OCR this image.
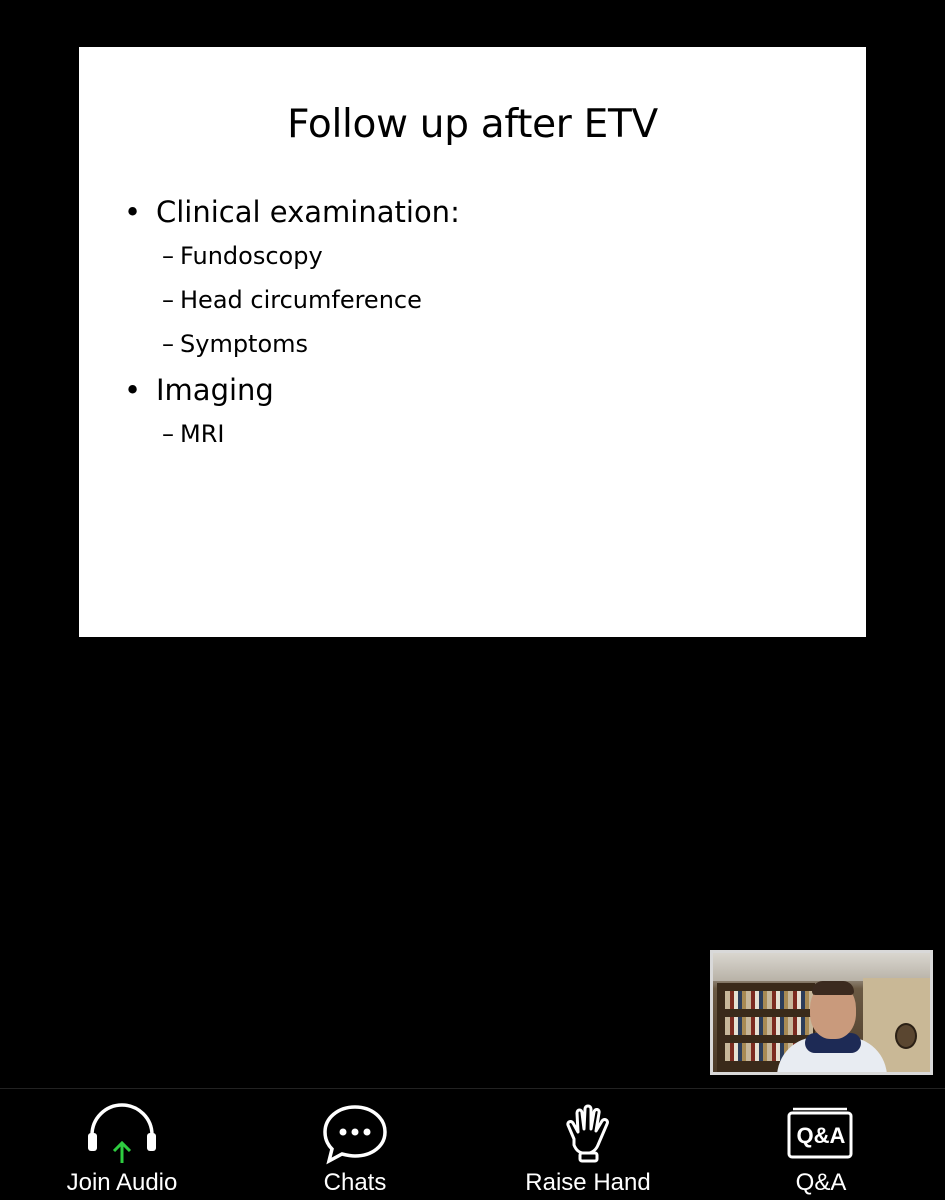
Follow up after ETV
• Clinical examination:
– Fundoscopy
– Head circumference
– Symptoms
• Imaging
– MRI
Join Audio	Chats	Raise Hand
Q&A
Q&A
